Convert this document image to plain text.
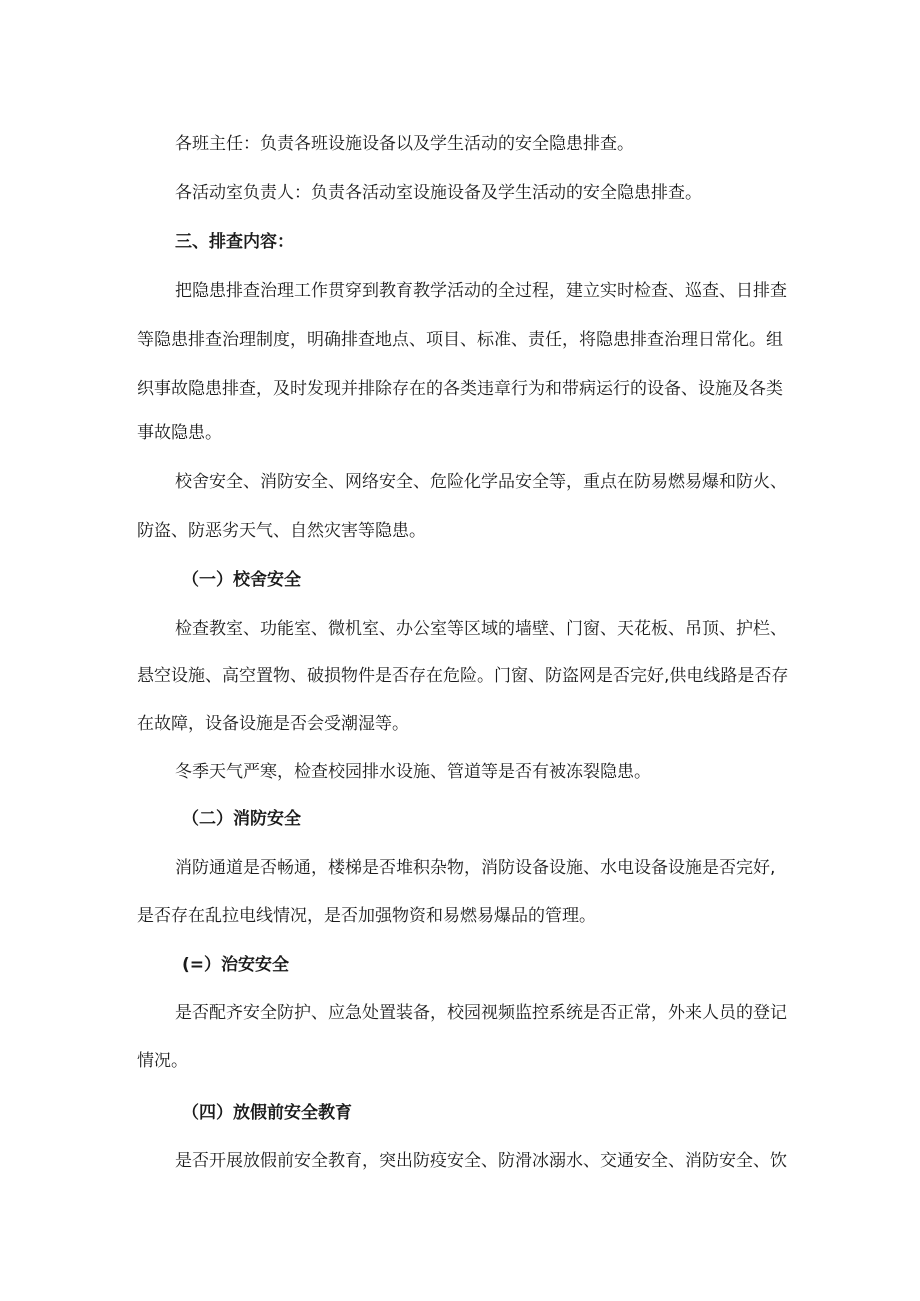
各班主任：负责各班设施设备以及学生活动的安全隐患排查。
各活动室负责人：负责各活动室设施设备及学生活动的安全隐患排查。
三、排查内容：
把隐患排查治理工作贯穿到教育教学活动的全过程，建立实时检查、巡查、日排查
等隐患排查治理制度，明确排查地点、项目、标准、责任，将隐患排查治理日常化。组
织事故隐患排查，及时发现并排除存在的各类违章行为和带病运行的设备、设施及各类
事故隐患。
校舍安全、消防安全、网络安全、危险化学品安全等，重点在防易燃易爆和防火、
防盗、防恶劣天气、自然灾害等隐患。
（一）校舍安全
检查教室、功能室、微机室、办公室等区域的墙壁、门窗、天花板、吊顶、护栏、
悬空设施、高空置物、破损物件是否存在危险。门窗、防盗网是否完好,供电线路是否存
在故障，设备设施是否会受潮湿等。
冬季天气严寒，检查校园排水设施、管道等是否有被冻裂隐患。
（二）消防安全
消防通道是否畅通，楼梯是否堆积杂物，消防设备设施、水电设备设施是否完好,
是否存在乱拉电线情况，是否加强物资和易燃易爆品的管理。
(=）治安安全
是否配齐安全防护、应急处置装备，校园视频监控系统是否正常，外来人员的登记
情况。
（四）放假前安全教育
是否开展放假前安全教育，突出防疫安全、防滑冰溺水、交通安全、消防安全、饮
